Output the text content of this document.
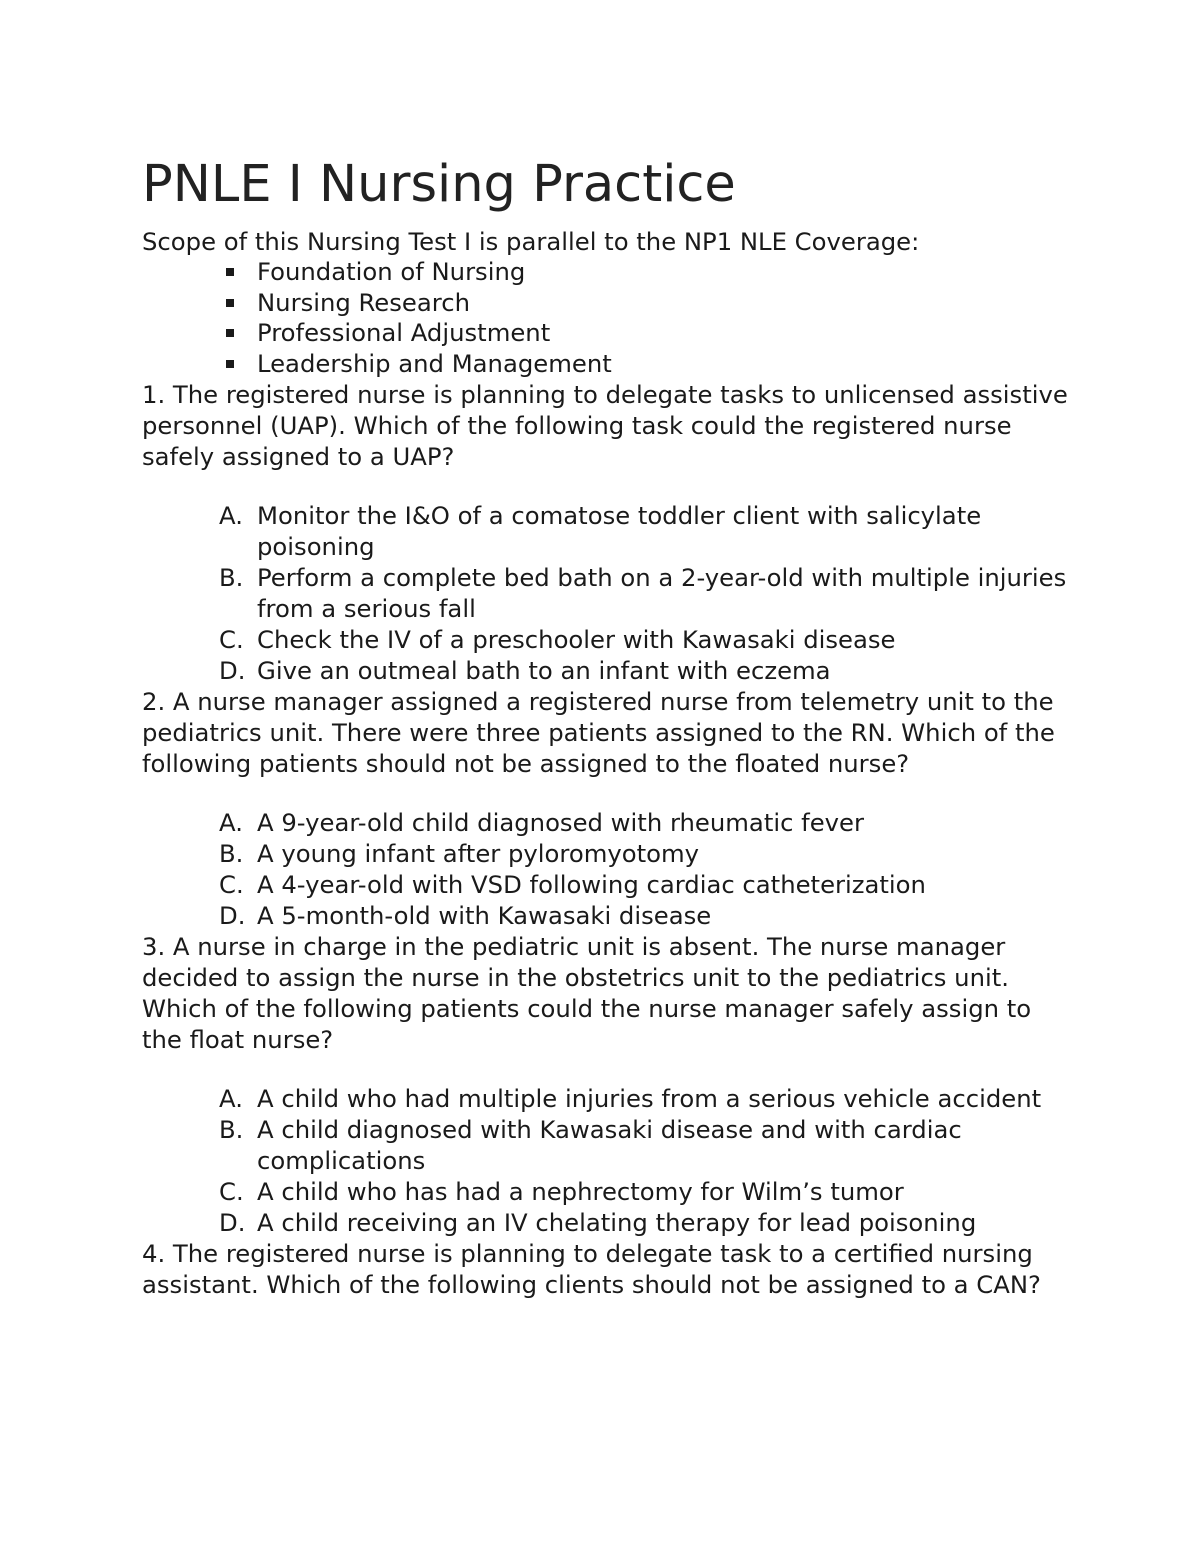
PNLE I Nursing Practice

Scope of this Nursing Test I is parallel to the NP1 NLE Coverage:

Foundation of Nursing
Nursing Research
Professional Adjustment
Leadership and Management
1. The registered nurse is planning to delegate tasks to unlicensed assistive personnel (UAP). Which of the following task could the registered nurse safely assigned to a UAP?
A. Monitor the I&O of a comatose toddler client with salicylate poisoning
B. Perform a complete bed bath on a 2-year-old with multiple injuries from a serious fall
C. Check the IV of a preschooler with Kawasaki disease
D. Give an outmeal bath to an infant with eczema
2. A nurse manager assigned a registered nurse from telemetry unit to the pediatrics unit. There were three patients assigned to the RN. Which of the following patients should not be assigned to the floated nurse?
A. A 9-year-old child diagnosed with rheumatic fever
B. A young infant after pyloromyotomy
C. A 4-year-old with VSD following cardiac catheterization
D. A 5-month-old with Kawasaki disease
3. A nurse in charge in the pediatric unit is absent. The nurse manager decided to assign the nurse in the obstetrics unit to the pediatrics unit. Which of the following patients could the nurse manager safely assign to the float nurse?
A. A child who had multiple injuries from a serious vehicle accident
B. A child diagnosed with Kawasaki disease and with cardiac complications
C. A child who has had a nephrectomy for Wilm’s tumor
D. A child receiving an IV chelating therapy for lead poisoning
4. The registered nurse is planning to delegate task to a certified nursing assistant. Which of the following clients should not be assigned to a CAN?
